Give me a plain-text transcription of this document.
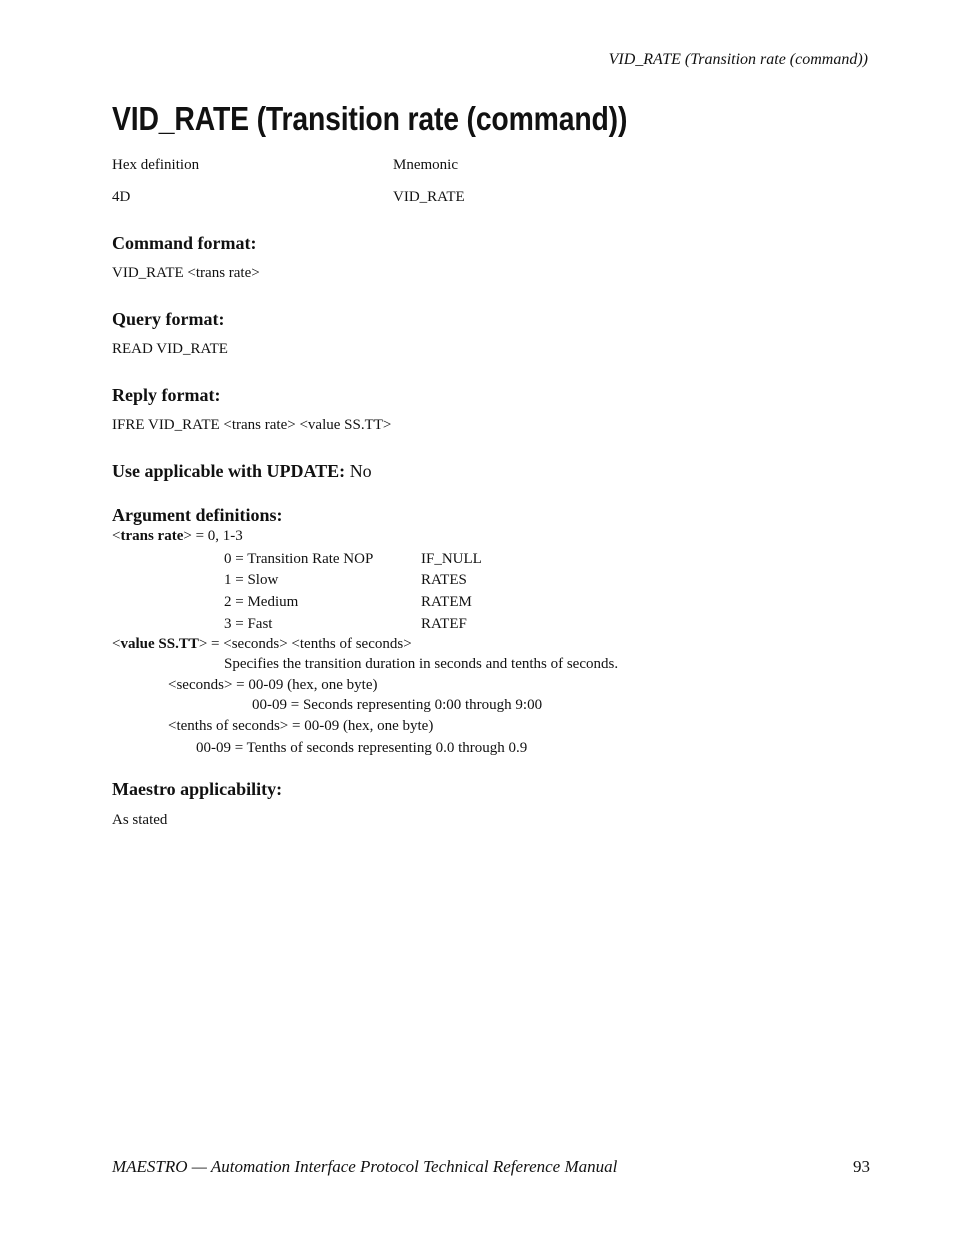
VID_RATE (Transition rate (command))
VID_RATE (Transition rate (command))
Hex definition	Mnemonic
4D	VID_RATE
Command format:
VID_RATE <trans rate>
Query format:
READ VID_RATE
Reply format:
IFRE VID_RATE <trans rate> <value SS.TT>
Use applicable with UPDATE: No
Argument definitions:
<trans rate> = 0, 1-3
0 = Transition Rate NOP	IF_NULL
1 = Slow	RATES
2 = Medium	RATEM
3 = Fast	RATEF
<value SS.TT> = <seconds> <tenths of seconds>
Specifies the transition duration in seconds and tenths of seconds.
<seconds> = 00-09 (hex, one byte)
00-09 = Seconds representing 0:00 through 9:00
<tenths of seconds> = 00-09 (hex, one byte)
00-09 = Tenths of seconds representing 0.0 through 0.9
Maestro applicability:
As stated
MAESTRO — Automation Interface Protocol Technical Reference Manual	93
